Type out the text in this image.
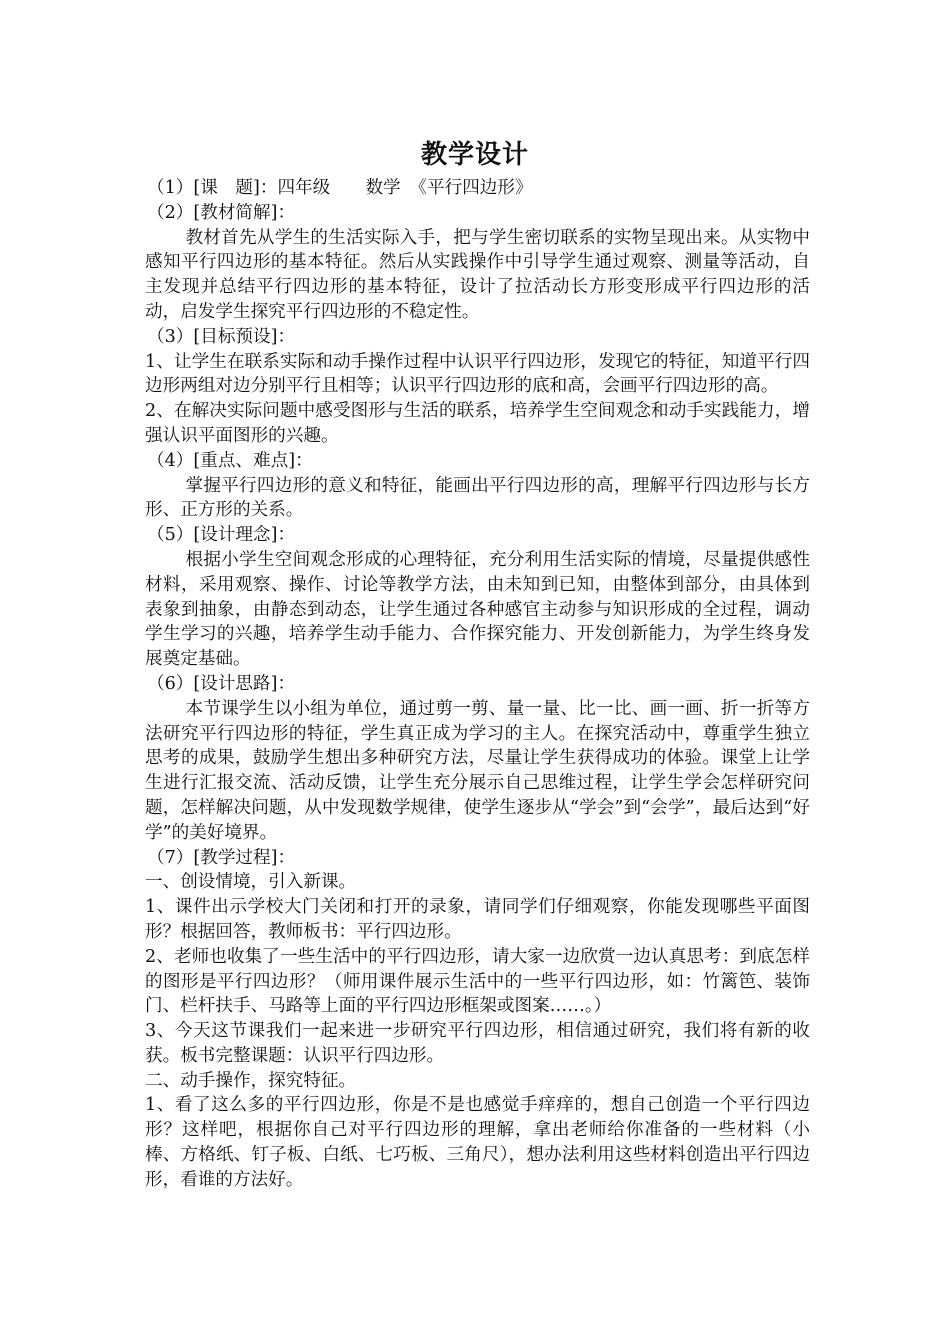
教学设计

（1）[课　题]：四年级　　数学　《平行四边形》

（2）[教材简解]：

教材首先从学生的生活实际入手，把与学生密切联系的实物呈现出来。从实物中感知平行四边形的基本特征。然后从实践操作中引导学生通过观察、测量等活动，自主发现并总结平行四边形的基本特征，设计了拉活动长方形变形成平行四边形的活动，启发学生探究平行四边形的不稳定性。

（3）[目标预设]：

1、让学生在联系实际和动手操作过程中认识平行四边形，发现它的特征，知道平行四边形两组对边分别平行且相等；认识平行四边形的底和高，会画平行四边形的高。

2、在解决实际问题中感受图形与生活的联系，培养学生空间观念和动手实践能力，增强认识平面图形的兴趣。

（4）[重点、难点]：

掌握平行四边形的意义和特征，能画出平行四边形的高，理解平行四边形与长方形、正方形的关系。

（5）[设计理念]：

根据小学生空间观念形成的心理特征，充分利用生活实际的情境，尽量提供感性材料，采用观察、操作、讨论等教学方法，由未知到已知，由整体到部分，由具体到表象到抽象，由静态到动态，让学生通过各种感官主动参与知识形成的全过程，调动学生学习的兴趣，培养学生动手能力、合作探究能力、开发创新能力，为学生终身发展奠定基础。

（6）[设计思路]：

本节课学生以小组为单位，通过剪一剪、量一量、比一比、画一画、折一折等方法研究平行四边形的特征，学生真正成为学习的主人。在探究活动中，尊重学生独立思考的成果，鼓励学生想出多种研究方法，尽量让学生获得成功的体验。课堂上让学生进行汇报交流、活动反馈，让学生充分展示自己思维过程，让学生学会怎样研究问题，怎样解决问题，从中发现数学规律，使学生逐步从“学会”到“会学”，最后达到“好学”的美好境界。

（7）[教学过程]：

一、创设情境，引入新课。

1、课件出示学校大门关闭和打开的录象，请同学们仔细观察，你能发现哪些平面图形？根据回答，教师板书：平行四边形。

2、老师也收集了一些生活中的平行四边形，请大家一边欣赏一边认真思考：到底怎样的图形是平行四边形？（师用课件展示生活中的一些平行四边形，如：竹篱笆、装饰门、栏杆扶手、马路等上面的平行四边形框架或图案……。）

3、今天这节课我们一起来进一步研究平行四边形，相信通过研究，我们将有新的收获。板书完整课题：认识平行四边形。

二、动手操作，探究特征。

1、看了这么多的平行四边形，你是不是也感觉手痒痒的，想自己创造一个平行四边形？这样吧，根据你自己对平行四边形的理解，拿出老师给你准备的一些材料（小棒、方格纸、钉子板、白纸、七巧板、三角尺），想办法利用这些材料创造出平行四边形，看谁的方法好。
